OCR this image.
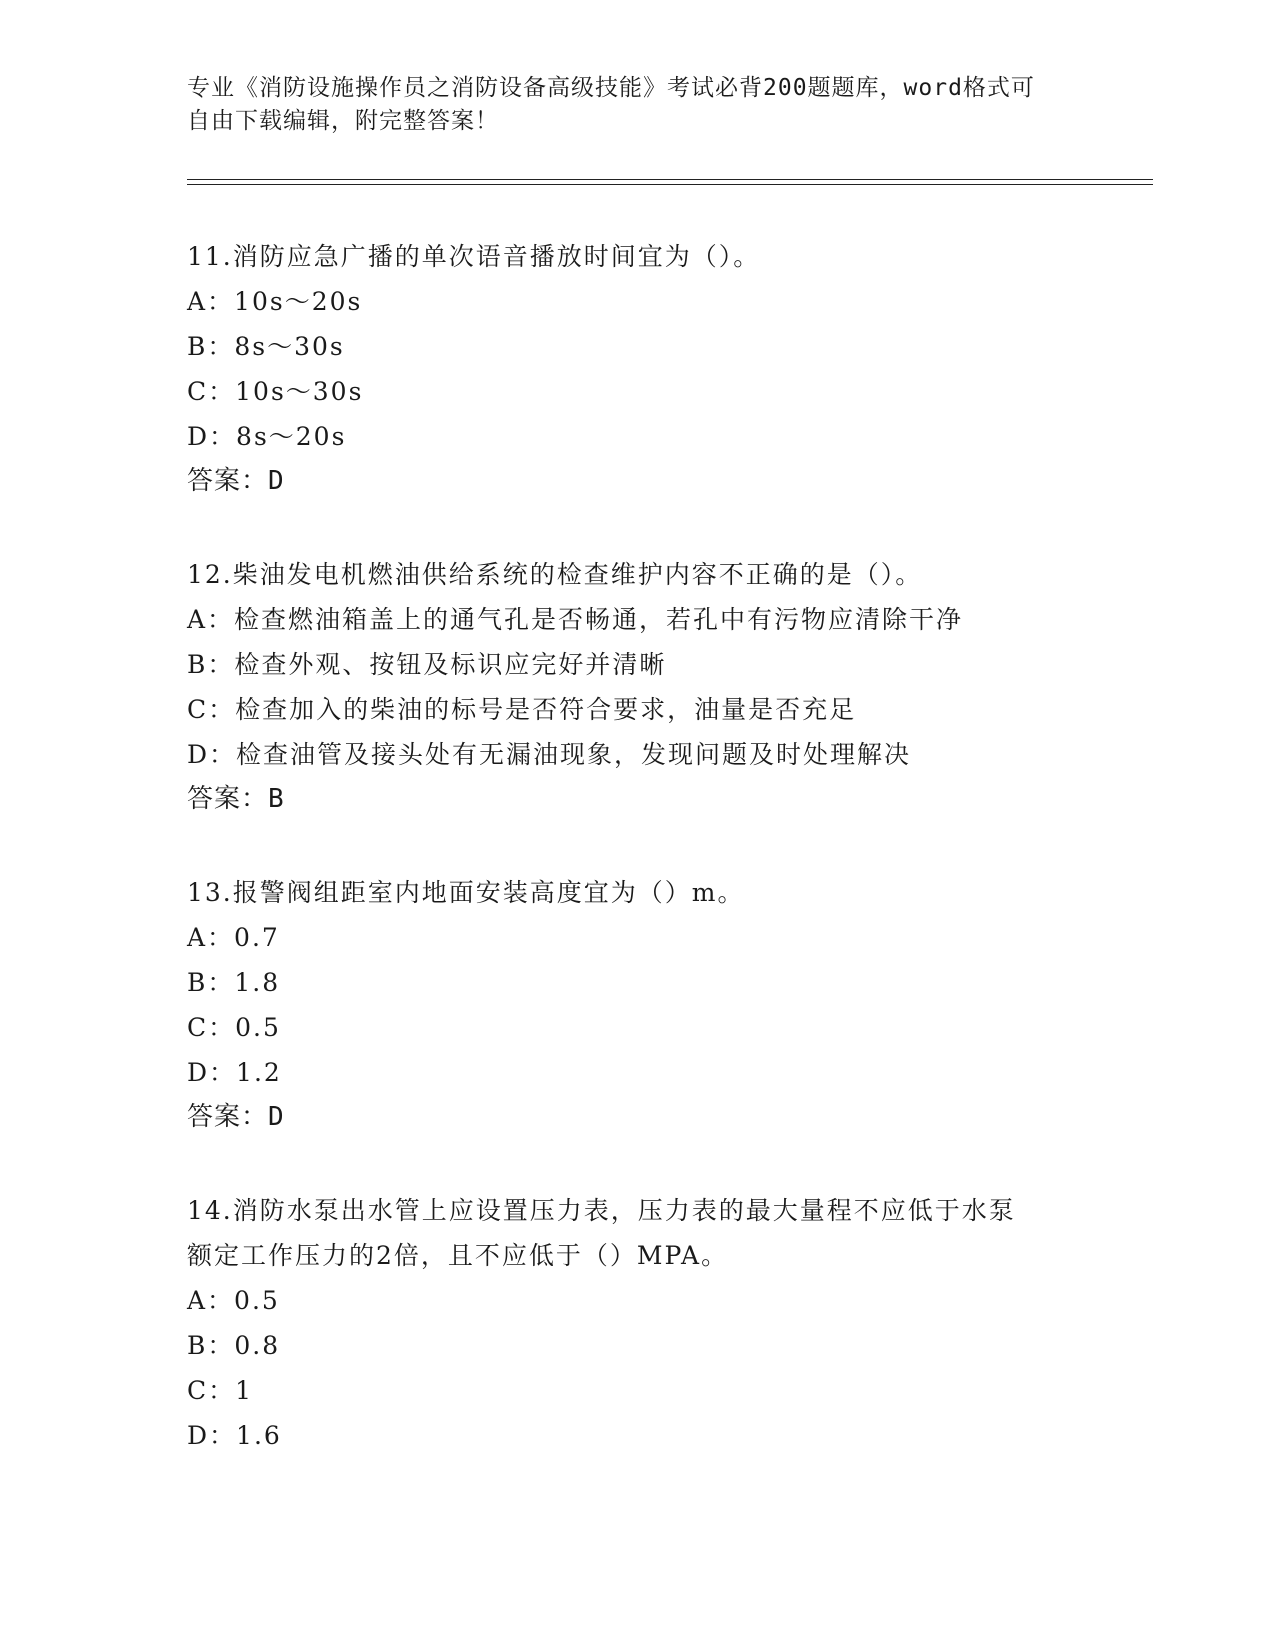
专业《消防设施操作员之消防设备高级技能》考试必背200题题库，word格式可
自由下载编辑，附完整答案！
11.消防应急广播的单次语音播放时间宜为（）。
A：10s～20s
B：8s～30s
C：10s～30s
D：8s～20s
答案：D
12.柴油发电机燃油供给系统的检查维护内容不正确的是（）。
A：检查燃油箱盖上的通气孔是否畅通，若孔中有污物应清除干净
B：检查外观、按钮及标识应完好并清晰
C：检查加入的柴油的标号是否符合要求，油量是否充足
D：检查油管及接头处有无漏油现象，发现问题及时处理解决
答案：B
13.报警阀组距室内地面安装高度宜为（）m。
A：0.7
B：1.8
C：0.5
D：1.2
答案：D
14.消防水泵出水管上应设置压力表，压力表的最大量程不应低于水泵
额定工作压力的2倍，且不应低于（）MPA。
A：0.5
B：0.8
C：1
D：1.6
